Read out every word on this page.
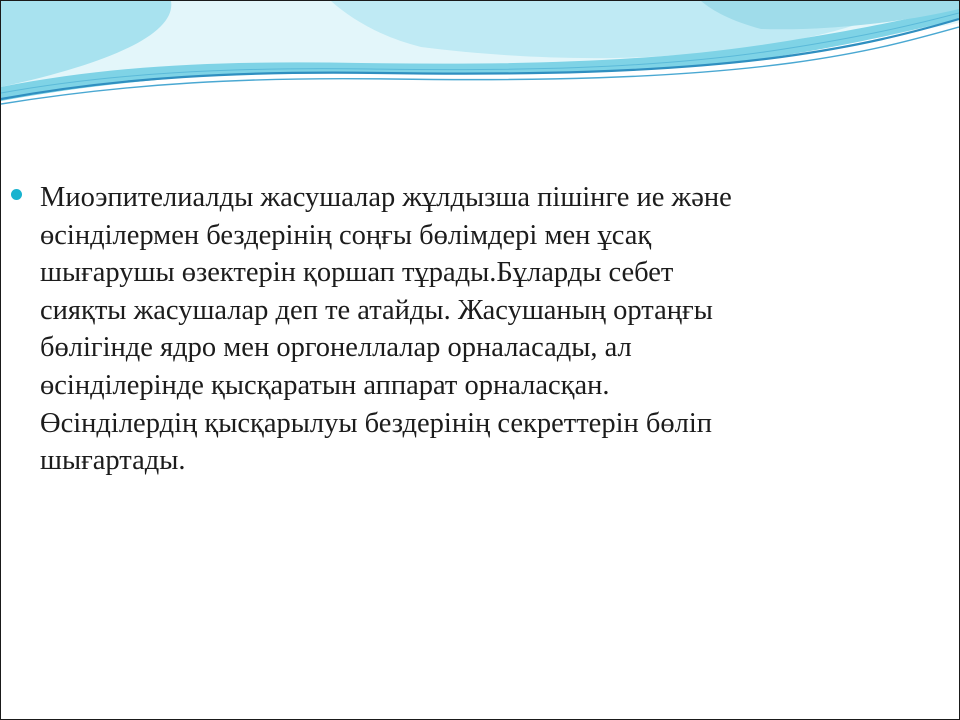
Миоэпителиалды жасушалар жұлдызша пішінге ие және өсінділермен бездерінің соңғы бөлімдері мен ұсақ шығарушы өзектерін қоршап тұрады.Бұларды себет сияқты жасушалар деп те атайды. Жасушаның ортаңғы бөлігінде ядро мен оргонеллалар орналасады, ал өсінділерінде қысқаратын аппарат орналасқан. Өсінділердің қысқарылуы бездерінің секреттерін бөліп шығартады.
